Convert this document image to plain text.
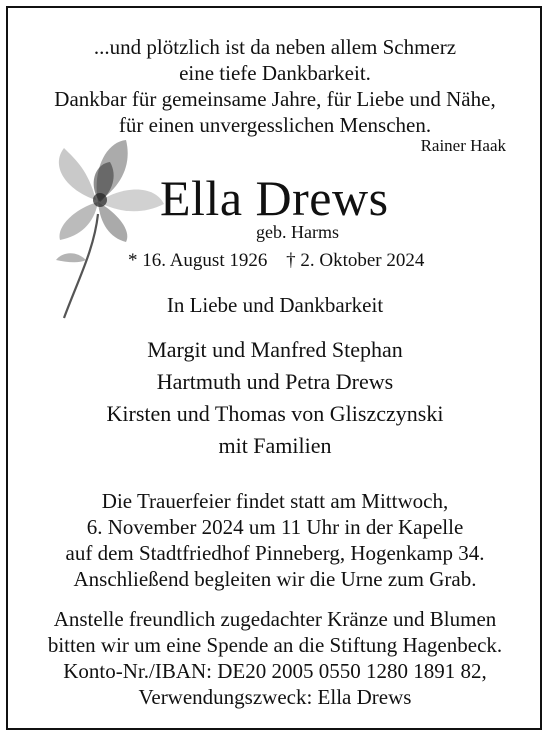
...und plötzlich ist da neben allem Schmerz
eine tiefe Dankbarkeit.
Dankbar für gemeinsame Jahre, für Liebe und Nähe,
für einen unvergesslichen Menschen.
Rainer Haak
Ella Drews
geb. Harms
* 16. August 1926 † 2. Oktober 2024
In Liebe und Dankbarkeit
Margit und Manfred Stephan
Hartmuth und Petra Drews
Kirsten und Thomas von Gliszczynski
mit Familien
Die Trauerfeier findet statt am Mittwoch,
6. November 2024 um 11 Uhr in der Kapelle
auf dem Stadtfriedhof Pinneberg, Hogenkamp 34.
Anschließend begleiten wir die Urne zum Grab.
Anstelle freundlich zugedachter Kränze und Blumen
bitten wir um eine Spende an die Stiftung Hagenbeck.
Konto-Nr./IBAN: DE20 2005 0550 1280 1891 82,
Verwendungszweck: Ella Drews
